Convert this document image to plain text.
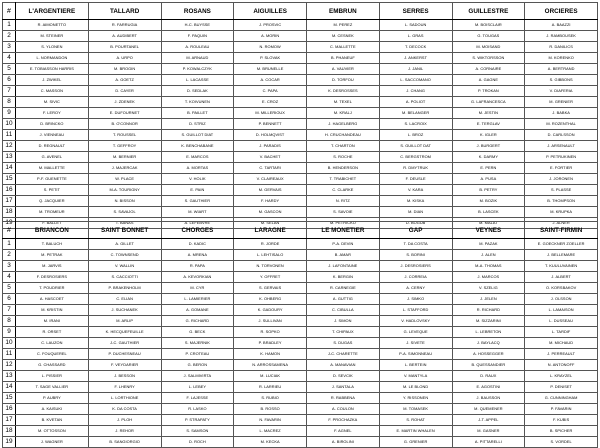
#	L'ARGENTIERE	TALLARD	ROSANS	AIGUILLES	EMBRUN	SERRES	GUILLESTRE	ORCIERES
1	R. AIMONETTO	R. FARRUGIA	H-C. BUYSSE	J. PROSVIC	M. PEREZ	L. SADOUN	M. BOISCLAIR	A. BAAZZI
2	M. STEINER	A. AUDIBERT	F. PAQUIN	A. MORIN	M. CESNEK	L. GRAS	G. TOUGAS	J. RAMBOUSEK
3	S. YLONEN	B. POURTANEL	A. ROULEAU	N. ROMOW	C. MALLETTE	T. DECOCK	M. MOISAND	R. DANILICS
4	L. NORMANDON	A. URPO	M. ARNAUD	P. SLOVAK	B. PHANEUF	J. ANKERST	S. WIKTORSSON	M. KORENKO
5	E. TOBIASSON HARRIS	M. BROGIN	P. KOWALCZYK	M. BRUNELLE	A. VAUVIER	J. JANIL	A. CORNAIRE	A. BERTRAND
6	J. ZWIKEL	A. GOETZ	L. LACASSE	A. COCAR	D. TORFOU	L. SACCOMANO	A. GAGNE	S. GIBBONS
7	C. MASSON	D. CAYER	D. SEDLAK	C. PAPA	K. DESROSSES	J. CHANG	P. TROKAN	V. DIAFERIA
8	M. SIVIC	J. ZDENEK	T. KOIVUNEN	E. CROZ	M. TEXEL	A. POLIOT	G. LAFRANCESCA	M. GRENIER
9	F. LEROY	E. DUFOURNET	B. PAILLET	M. MILLERIOUX	M. KRALJ	M. BELANGER	M. JESTIN	J. BABKA
10	D. BRINCKO	B. O'CONNOR	D. STRIZ	P. BENNETT	J. HAGELBERG	S. LACROIX	E. TERGLAV	M. ROZENTHAL
11	J. VIENNEAU	T. ROUSSEL	S. GUILLOT DIAT	D. HOLMQVIST	H. CRUCHANDEAU	L. BROZ	K. IGLER	D. CARLSSON
12	D. REGNAULT	T. GEFFROY	K. BENCHABANE	J. PARADIS	T. CHARTON	S. GUILLOT DAT	J. BURGERT	J. ARSENAULT
13	G. AVENEL	M. BERNIER	E. MARCOS	V. BACHET	S. ROCHE	C. BERGSTROM	K. DARMY	P. PETRUKINEN
14	M. MALLETTE	J. MAJERCAK	A. MORTAS	C. TARTARI	B. HENDERSON	R. DMYTRUK	E. PERN	E. FORTIER
15	P-F. GUENETTE	W. PLACE	V. HOLIK	V. CLAIREAUX	T. TRABICHET	F. DEUSLE	A. PUSA	J. JORONEN
16	S. PETIT	M-A. TOURIGNY	E. PAIN	M. GERVAIS	C. CLARKE	V. KARA	B. PETRY	S. PLASSE
17	Q. JACQUIER	N. BISSON	S. GAUTHIER	F. HARDY	N. RITZ	M. KISKA	M. BOZIK	B. THOMPSON
18	M. TROMEUR	S. SAVAJOL	M. WIART	M. GASCON	S. SAVOIE	M. DIAN	B. LASCEK	M. KRUPKA
19	F. BALLET	T. BANAS	A. LEFEBVRE	M. SELAN	M. PETRICKO	D. BOGUB	M. MALAT	J. ALNER
#	BRIANCON	SAINT BONNET	CHORGES	LARAGNE	LE MONETIER	GAP	VEYNES	SAINT-FIRMIN
1	T. BALUCH	A. GILLET	D. KADIC	R. JORDE	P-A. DEVIN	T. DA COSTA	M. PAZAK	E. GOECKNER ZOELLER
2	M. PETRAK	C. TOWNSEND	A. MRENA	L. LEHTISALO	B. AMAR	S. BORINI	J. ALEN	J. BELLEMARE
3	M. JARVIS	V. WALLIN	R. PAPA	N. TORVONEN	J. LAFONTAINE	J. DESROSIERS	M-A. THOMAS	T. KUULUVAINEN
4	F. DESROSIERS	S. CACCIOTTI	A. KEVORKIAN	Y. OFFRET	K. BERGIN	J. CORREIA	J. MARCOS	J. ALBERT
5	T. POUDRIER	P. BRAKENHOLM	M. CYR	S. GERVAIS	R. CARNEGIE	A. CERNY	V. SZELIG	O. KORSBAKOV
6	A. HASCOET	C. ELIAN	L. LAMIERIER	K. OHBERG	A. GUTTIG	J. SIMKO	J. JELEN	J. OLSSON
7	M. KRISTIN	J. SUCHANEK	A. GOMANE	K. GADOURY	C. CIBULLA	L. STAFFORD	R. RICHARD	L. LAMAISON
8	M. IRANI	M. ARLIP	G. RICHARD	J. SULLIVAN	J. SIMON	V. HADLOVSKY	M. SIZZARINI	L. DUSSEAU
9	R. ORSET	K. HECQUEFEUILLE	G. BECK	R. SOPKO	T. CHIPAUX	G. LEVEQUE	L. LEBRETON	L. TARDIF
10	C. LAUZON	J-C. GAUTHIER	S. MAJERNIK	P. BRADLEY	S. DUGAS	J. SIVETE	J. BAYLACQ	M. MICHAUD
11	C. FOUQUEREL	P. DUCHESNEAU	P. CROTEAU	K. HAMON	J-C. CHARETTE	P-A. SIMONNEAU	A. HOSSEGGER	J. PERREAULT
12	G. CHASSARD	F. VEYDARIER	G. BERON	N. ARROSSAMENA	A. MANAVIAN	L. BERTEIN	B. QUESSANDIER	N. ANTONOFF
13	L. PISSIER	J. BESSON	J. SALMIVIRTA	M. LUCIAK	D. SEVCIK	V. MANTYLA	D. RAUX	L. KRAYZEL
14	T. SAGE VALLIER	F. LHENRY	L. LEBEY	R. LARRIEU	J. SANTALA	M. LE BLOND	E. AGOSTINI	P. DENISET
15	P. AUBRY	L. LORTHIONE	F. LAJESSE	S. RUBIO	R. RABBENA	Y. RISSONEN	J. BAUSSON	G. CUNNINGHAM
16	A. KAISUKI	K. DA COSTA	R. LASKO	B. ROSSO	A. COULON	M. TOMASEK	M. QUEMENER	P. FAVARIN
17	B. KVETAN	J. PLOH	P. STRAPATY	N. FAVARIN	F. PROCHAZKA	S. ROHAT	J-T. APPEL	F. KUBIS
18	M. OTTOSSON	J. REHOR	S. SAMSON	L. MACREZ	F. AGNEL	E. MARTIN WHALEN	M. GASNER	B. SPICHER
19	J. WAGNER	B. SANGIORGIO	D. ROCH	M. KECKA	A. BIROLINI	G. GRENIER	A. PITTARELLI	S. VORDEL
